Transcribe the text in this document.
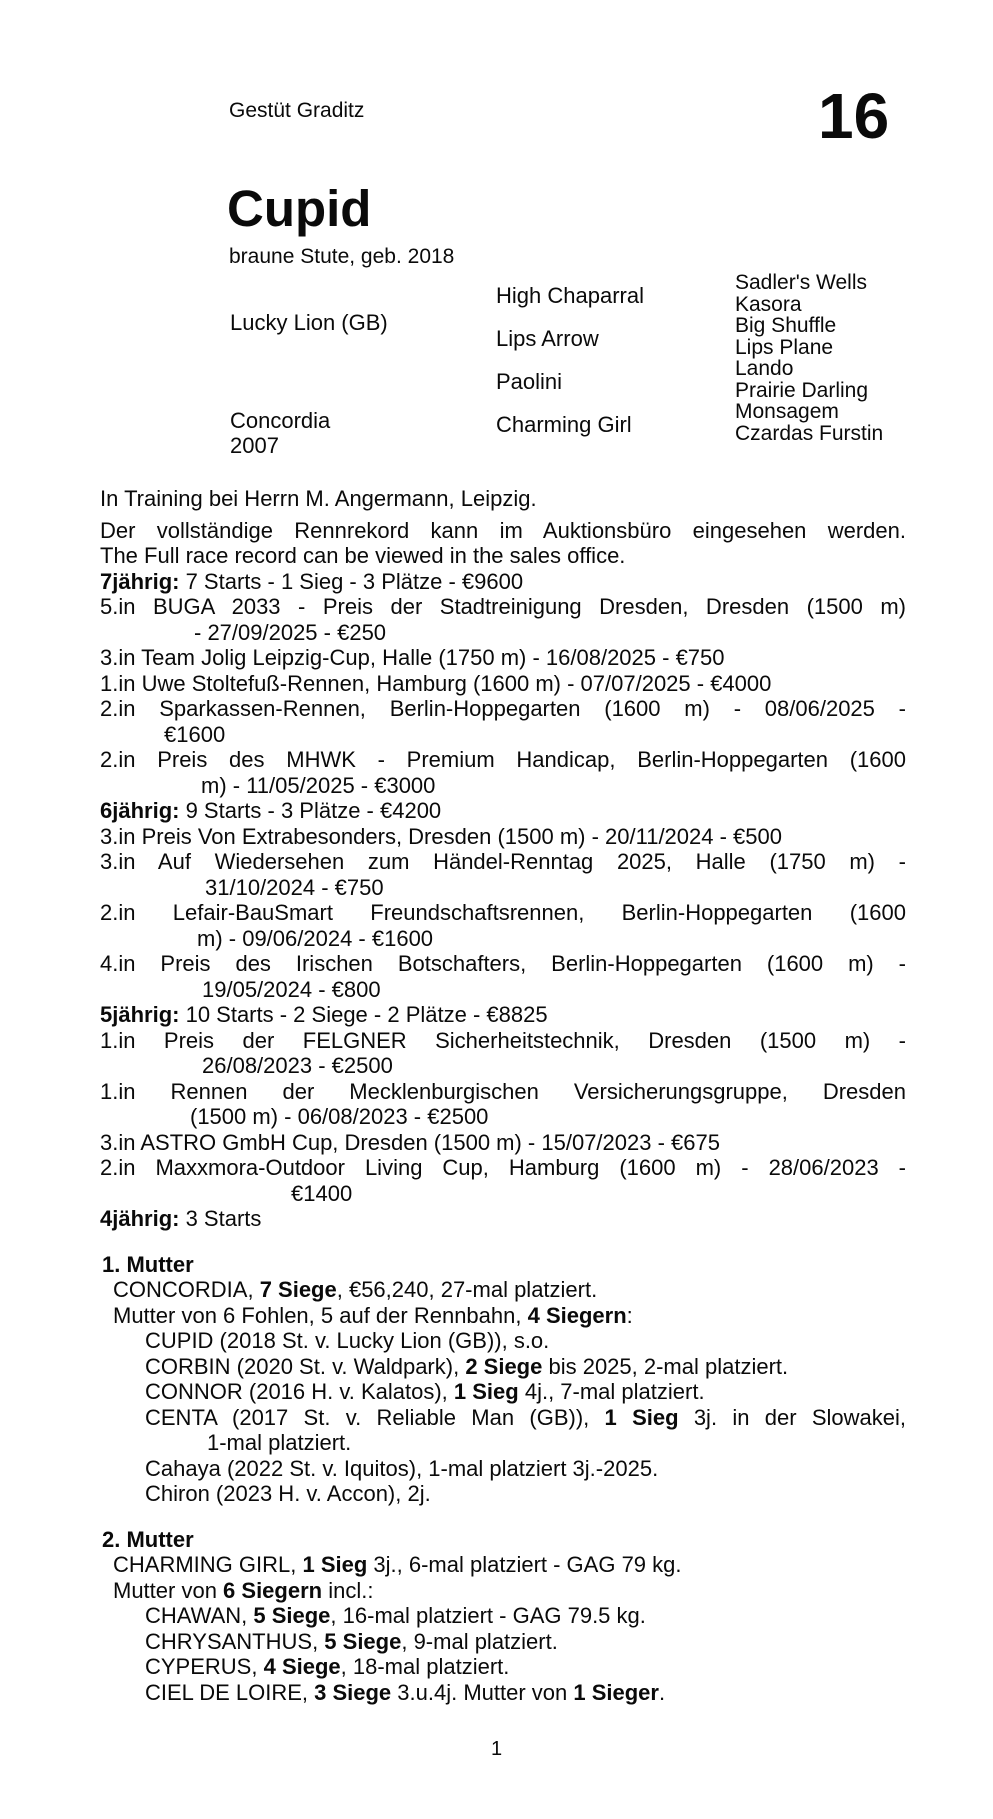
Gestüt Graditz	16
Cupid
braune Stute, geb. 2018
Lucky Lion (GB)
Concordia
2007
High Chaparral
Lips Arrow
Paolini
Charming Girl
Sadler's Wells
Kasora
Big Shuffle
Lips Plane
Lando
Prairie Darling
Monsagem
Czardas Furstin
In Training bei Herrn M. Angermann, Leipzig.
Der vollständige Rennrekord kann im Auktionsbüro eingesehen werden.
The Full race record can be viewed in the sales office.
7jährig: 7 Starts - 1 Sieg - 3 Plätze - €9600
5.in BUGA 2033 - Preis der Stadtreinigung Dresden, Dresden (1500 m)
- 27/09/2025 - €250
3.in Team Jolig Leipzig-Cup, Halle (1750 m) - 16/08/2025 - €750
1.in Uwe Stoltefuß-Rennen, Hamburg (1600 m) - 07/07/2025 - €4000
2.in Sparkassen-Rennen, Berlin-Hoppegarten (1600 m) - 08/06/2025 -
€1600
2.in Preis des MHWK - Premium Handicap, Berlin-Hoppegarten (1600
m) - 11/05/2025 - €3000
6jährig: 9 Starts - 3 Plätze - €4200
3.in Preis Von Extrabesonders, Dresden (1500 m) - 20/11/2024 - €500
3.in Auf Wiedersehen zum Händel-Renntag 2025, Halle (1750 m) -
31/10/2024 - €750
2.in Lefair-BauSmart Freundschaftsrennen, Berlin-Hoppegarten (1600
m) - 09/06/2024 - €1600
4.in Preis des Irischen Botschafters, Berlin-Hoppegarten (1600 m) -
19/05/2024 - €800
5jährig: 10 Starts - 2 Siege - 2 Plätze - €8825
1.in Preis der FELGNER Sicherheitstechnik, Dresden (1500 m) -
26/08/2023 - €2500
1.in Rennen der Mecklenburgischen Versicherungsgruppe, Dresden
(1500 m) - 06/08/2023 - €2500
3.in ASTRO GmbH Cup, Dresden (1500 m) - 15/07/2023 - €675
2.in Maxxmora-Outdoor Living Cup, Hamburg (1600 m) - 28/06/2023 -
€1400
4jährig: 3 Starts
1. Mutter
CONCORDIA, 7 Siege, €56,240, 27-mal platziert.
Mutter von 6 Fohlen, 5 auf der Rennbahn, 4 Siegern:
CUPID (2018 St. v. Lucky Lion (GB)), s.o.
CORBIN (2020 St. v. Waldpark), 2 Siege bis 2025, 2-mal platziert.
CONNOR (2016 H. v. Kalatos), 1 Sieg 4j., 7-mal platziert.
CENTA (2017 St. v. Reliable Man (GB)), 1 Sieg 3j. in der Slowakei,
1-mal platziert.
Cahaya (2022 St. v. Iquitos), 1-mal platziert 3j.-2025.
Chiron (2023 H. v. Accon), 2j.
2. Mutter
CHARMING GIRL, 1 Sieg 3j., 6-mal platziert - GAG 79 kg.
Mutter von 6 Siegern incl.:
CHAWAN, 5 Siege, 16-mal platziert - GAG 79.5 kg.
CHRYSANTHUS, 5 Siege, 9-mal platziert.
CYPERUS, 4 Siege, 18-mal platziert.
CIEL DE LOIRE, 3 Siege 3.u.4j. Mutter von 1 Sieger.
1
